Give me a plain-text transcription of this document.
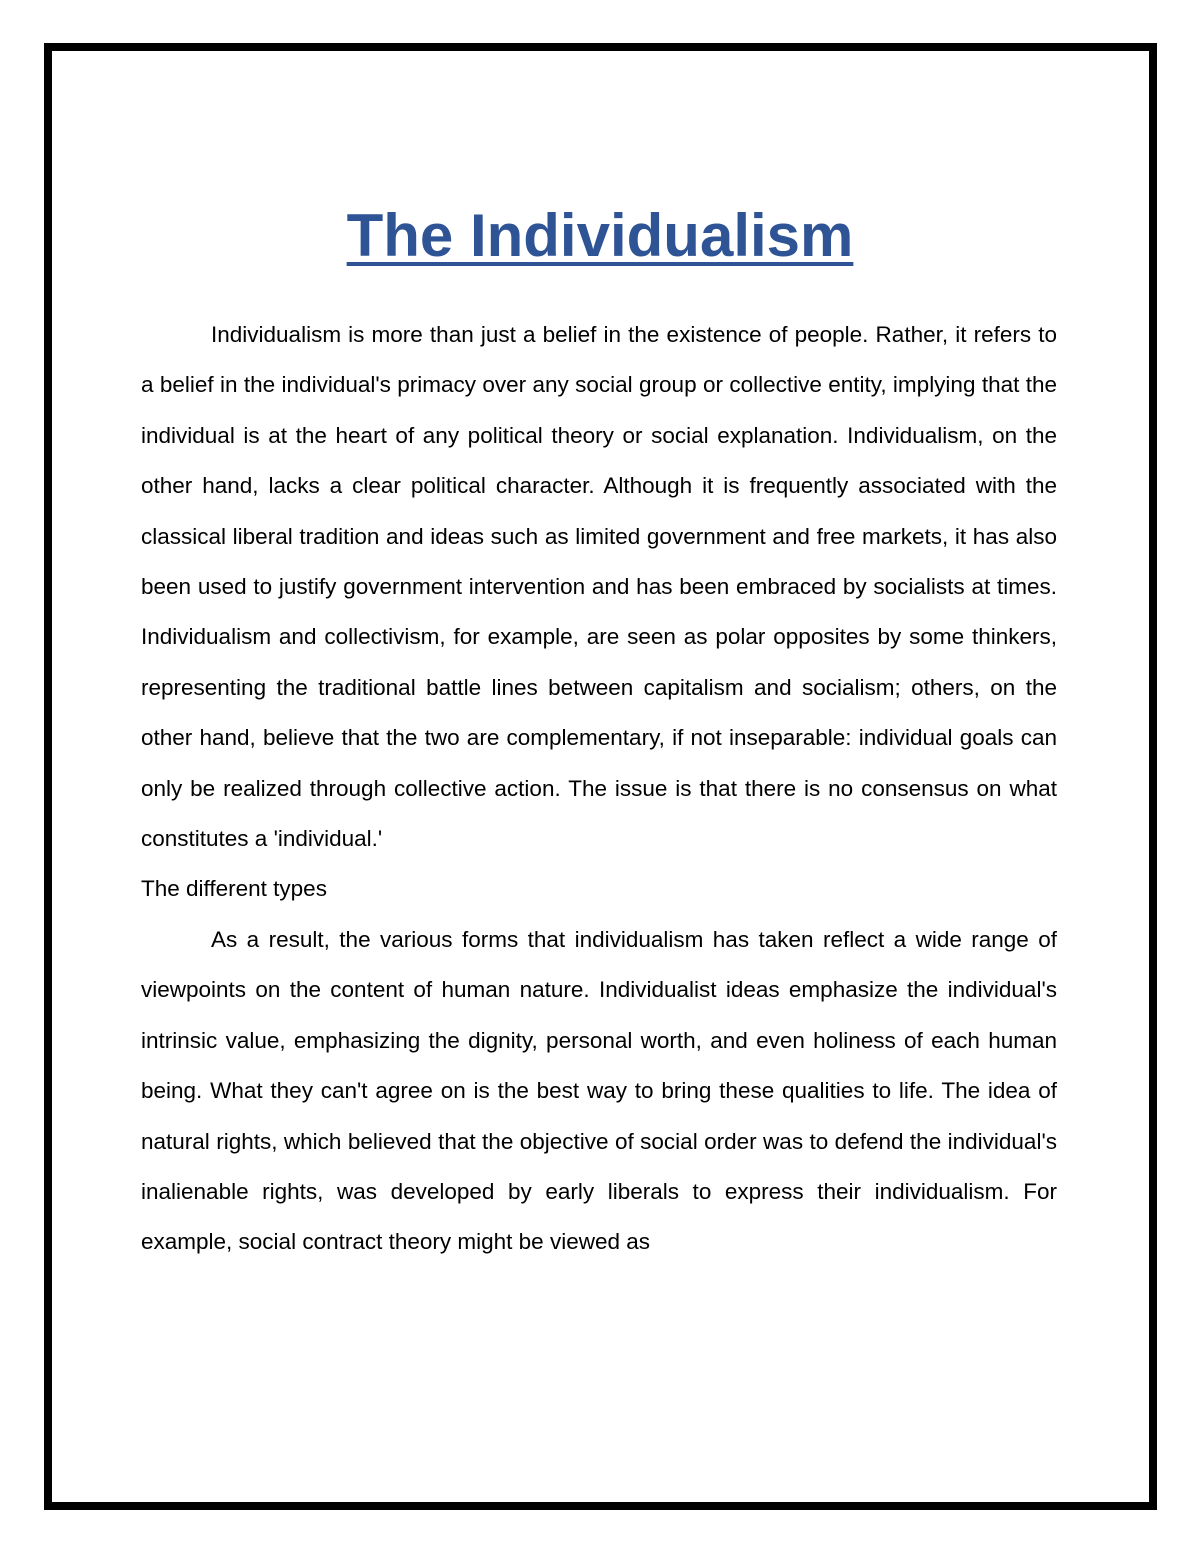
The Individualism

Individualism is more than just a belief in the existence of people. Rather, it refers to a belief in the individual's primacy over any social group or collective entity, implying that the individual is at the heart of any political theory or social explanation. Individualism, on the other hand, lacks a clear political character. Although it is frequently associated with the classical liberal tradition and ideas such as limited government and free markets, it has also been used to justify government intervention and has been embraced by socialists at times. Individualism and collectivism, for example, are seen as polar opposites by some thinkers, representing the traditional battle lines between capitalism and socialism; others, on the other hand, believe that the two are complementary, if not inseparable: individual goals can only be realized through collective action. The issue is that there is no consensus on what constitutes a 'individual.'

The different types

As a result, the various forms that individualism has taken reflect a wide range of viewpoints on the content of human nature. Individualist ideas emphasize the individual's intrinsic value, emphasizing the dignity, personal worth, and even holiness of each human being. What they can't agree on is the best way to bring these qualities to life. The idea of natural rights, which believed that the objective of social order was to defend the individual's inalienable rights, was developed by early liberals to express their individualism. For example, social contract theory might be viewed as
